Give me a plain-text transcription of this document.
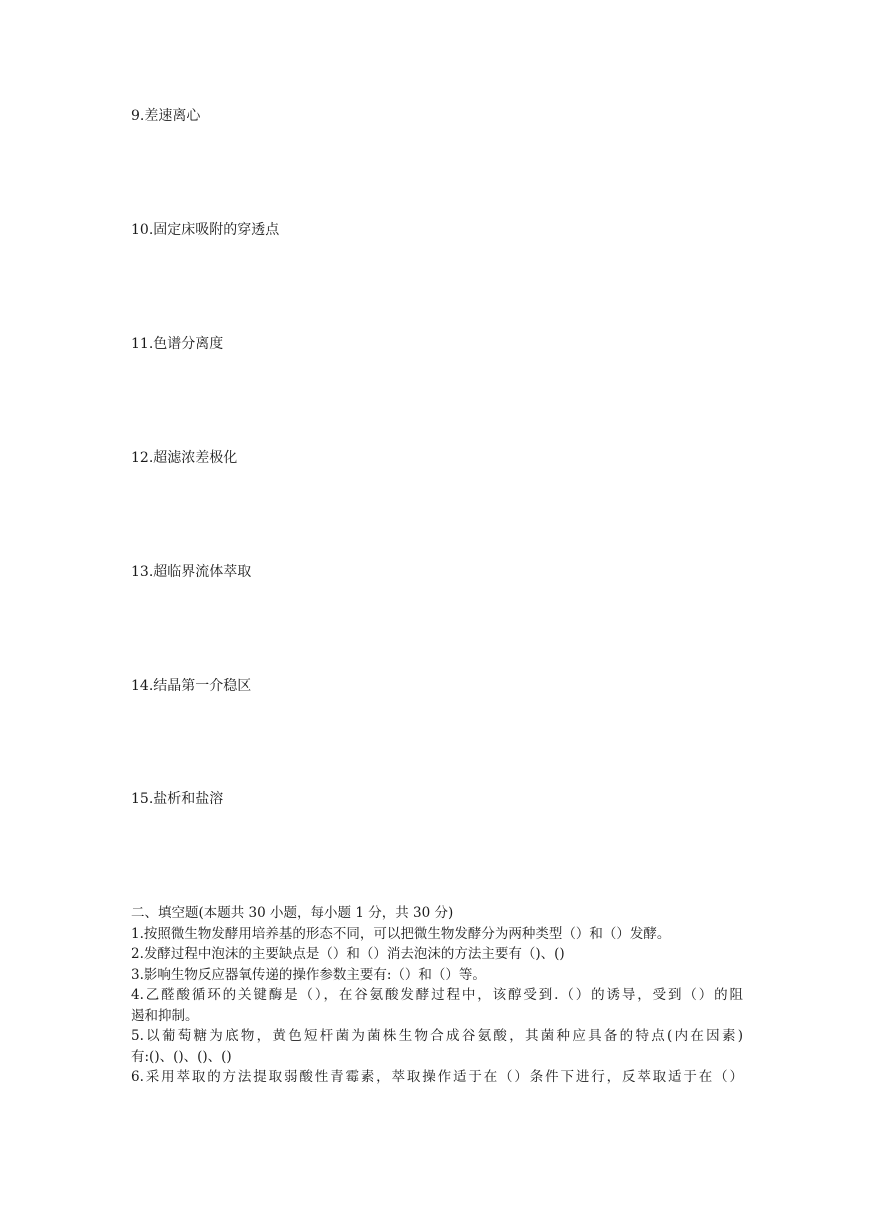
9.差速离心
10.固定床吸附的穿透点
11.色谱分离度
12.超滤浓差极化
13.超临界流体萃取
14.结晶第一介稳区
15.盐析和盐溶

二、填空题(本题共 30 小题，每小题 1 分，共 30 分)

1.按照微生物发酵用培养基的形态不同，可以把微生物发酵分为两种类型（）和（）发酵。

2.发酵过程中泡沫的主要缺点是（）和（）消去泡沫的方法主要有（)、()

3.影响生物反应器氧传递的操作参数主要有:（）和（）等。

4.乙醛酸循环的关键酶是（），在谷氨酸发酵过程中，该醇受到.（）的诱导，受到（）的阻

遏和抑制。

5.以葡萄糖为底物，黄色短杆菌为菌株生物合成谷氨酸，其菌种应具备的特点(内在因素)

有:()、()、()、()

6.采用萃取的方法提取弱酸性青霉素，萃取操作适于在（）条件下进行，反萃取适于在（）
